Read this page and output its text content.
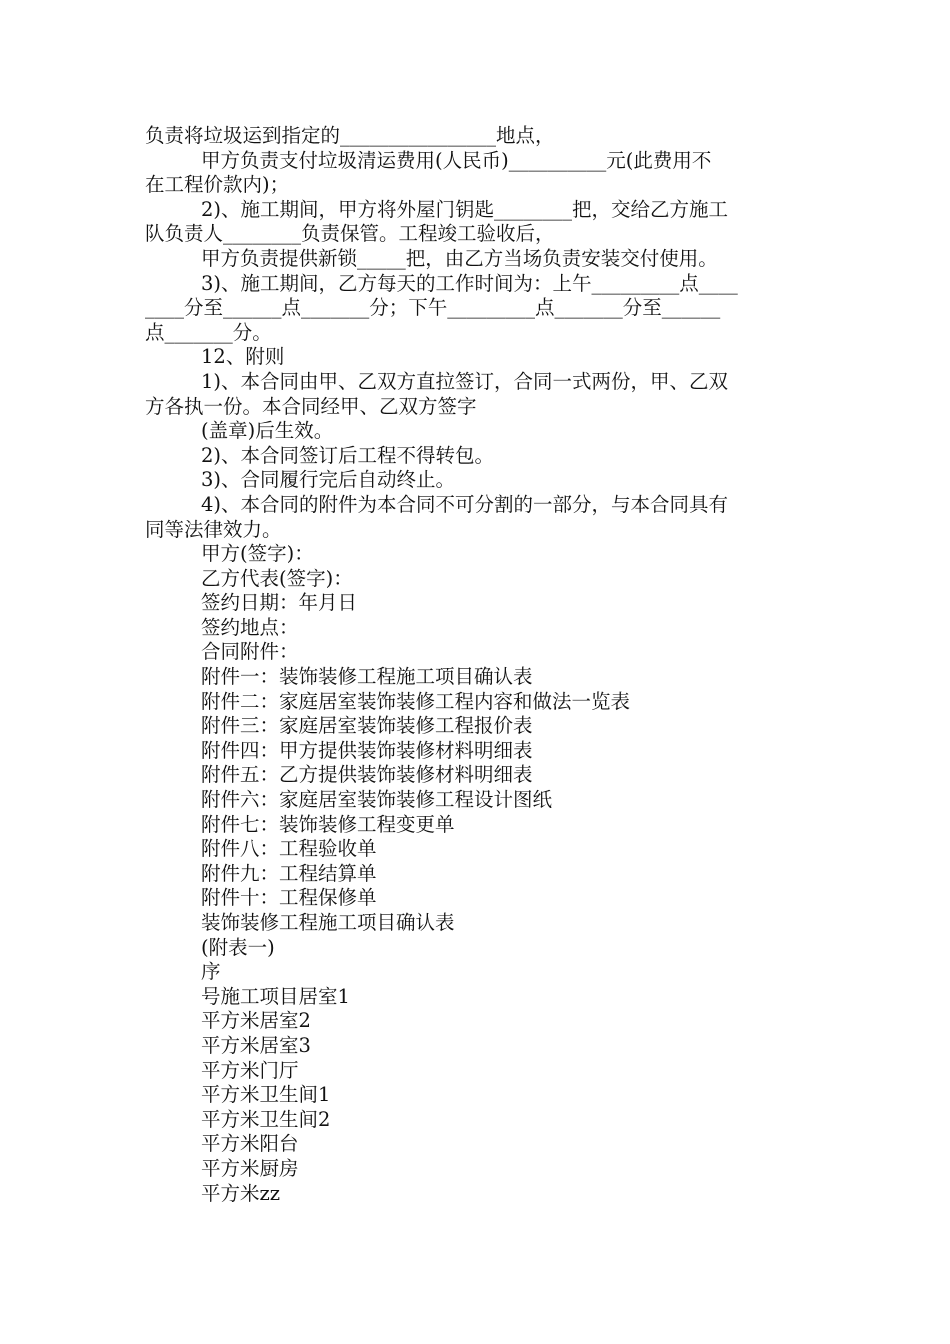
负责将垃圾运到指定的________________地点，
甲方负责支付垃圾清运费用(人民币)__________元(此费用不
在工程价款内)；
2)、施工期间，甲方将外屋门钥匙________把，交给乙方施工
队负责人________负责保管。工程竣工验收后，
甲方负责提供新锁_____把，由乙方当场负责安装交付使用。
3)、施工期间，乙方每天的工作时间为：上午_________点____
____分至______点_______分；下午_________点_______分至______
点_______分。
12、附则
1)、本合同由甲、乙双方直拉签订，合同一式两份，甲、乙双
方各执一份。本合同经甲、乙双方签字
(盖章)后生效。
2)、本合同签订后工程不得转包。
3)、合同履行完后自动终止。
4)、本合同的附件为本合同不可分割的一部分，与本合同具有
同等法律效力。
甲方(签字)：
乙方代表(签字)：
签约日期：年月日
签约地点：
合同附件：
附件一：装饰装修工程施工项目确认表
附件二：家庭居室装饰装修工程内容和做法一览表
附件三：家庭居室装饰装修工程报价表
附件四：甲方提供装饰装修材料明细表
附件五：乙方提供装饰装修材料明细表
附件六：家庭居室装饰装修工程设计图纸
附件七：装饰装修工程变更单
附件八：工程验收单
附件九：工程结算单
附件十：工程保修单
装饰装修工程施工项目确认表
(附表一)
序
号施工项目居室1
平方米居室2
平方米居室3
平方米门厅
平方米卫生间1
平方米卫生间2
平方米阳台
平方米厨房
平方米zz
